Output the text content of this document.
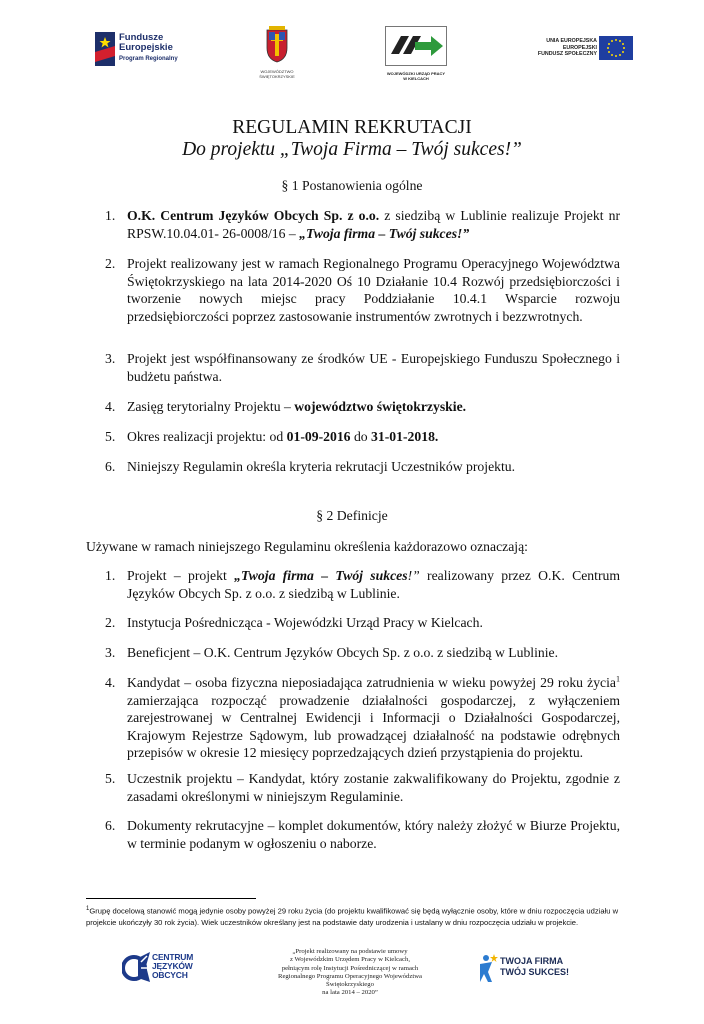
Fundusze
Europejskie
Program Regionalny
WOJEWÓDZTWO
ŚWIĘTOKRZYSKIE
WOJEWÓDZKI URZĄD PRACY
W KIELCACH
UNIA EUROPEJSKA
EUROPEJSKI
FUNDUSZ SPOŁECZNY
REGULAMIN REKRUTACJI
Do projektu „Twoja Firma – Twój sukces!”
§ 1 Postanowienia ogólne
1. O.K. Centrum Języków Obcych Sp. z o.o. z siedzibą w Lublinie realizuje Projekt nr RPSW.10.04.01- 26-0008/16 – „Twoja firma – Twój sukces!”
2. Projekt realizowany jest w ramach Regionalnego Programu Operacyjnego Województwa Świętokrzyskiego na lata 2014-2020 Oś 10 Działanie 10.4 Rozwój przedsiębiorczości i tworzenie nowych miejsc pracy Poddziałanie 10.4.1 Wsparcie rozwoju przedsiębiorczości poprzez zastosowanie instrumentów zwrotnych i bezzwrotnych.
3. Projekt jest współfinansowany ze środków UE - Europejskiego Funduszu Społecznego i budżetu państwa.
4. Zasięg terytorialny Projektu – województwo świętokrzyskie.
5. Okres realizacji projektu: od 01-09-2016 do 31-01-2018.
6. Niniejszy Regulamin określa kryteria rekrutacji Uczestników projektu.
§ 2 Definicje
Używane w ramach niniejszego Regulaminu określenia każdorazowo oznaczają:
1. Projekt – projekt „Twoja firma – Twój sukces!” realizowany przez O.K. Centrum Języków Obcych Sp. z o.o. z siedzibą w Lublinie.
2. Instytucja Pośrednicząca - Wojewódzki Urząd Pracy w Kielcach.
3. Beneficjent – O.K. Centrum Języków Obcych Sp. z o.o. z siedzibą w Lublinie.
4. Kandydat – osoba fizyczna nieposiadająca zatrudnienia w wieku powyżej 29 roku życia$^1$ zamierzająca rozpocząć prowadzenie działalności gospodarczej, z wyłączeniem zarejestrowanej w Centralnej Ewidencji i Informacji o Działalności Gospodarczej, Krajowym Rejestrze Sądowym, lub prowadzącej działalność na podstawie odrębnych przepisów w okresie 12 miesięcy poprzedzających dzień przystąpienia do projektu.
5. Uczestnik projektu – Kandydat, który zostanie zakwalifikowany do Projektu, zgodnie z zasadami określonymi w niniejszym Regulaminie.
6. Dokumenty rekrutacyjne – komplet dokumentów, który należy złożyć w Biurze Projektu, w terminie podanym w ogłoszeniu o naborze.
$^1$Grupę docelową stanowić mogą jedynie osoby powyżej 29 roku życia (do projektu kwalifikować się będą wyłącznie osoby, które w dniu rozpoczęcia udziału w projekcie ukończyły 30 rok życia). Wiek uczestników określany jest na podstawie daty urodzenia i ustalany w dniu rozpoczęcia udziału w projekcie.
CENTRUM
JĘZYKÓW
OBCYCH
„Projekt realizowany na podstawie umowy
z Wojewódzkim Urzędem Pracy w Kielcach,
pełniącym rolę Instytucji Pośredniczącej w ramach
Regionalnego Programu Operacyjnego Województwa
Świętokrzyskiego
na lata 2014 – 2020”
TWOJA FIRMA
TWÓJ SUKCES!
